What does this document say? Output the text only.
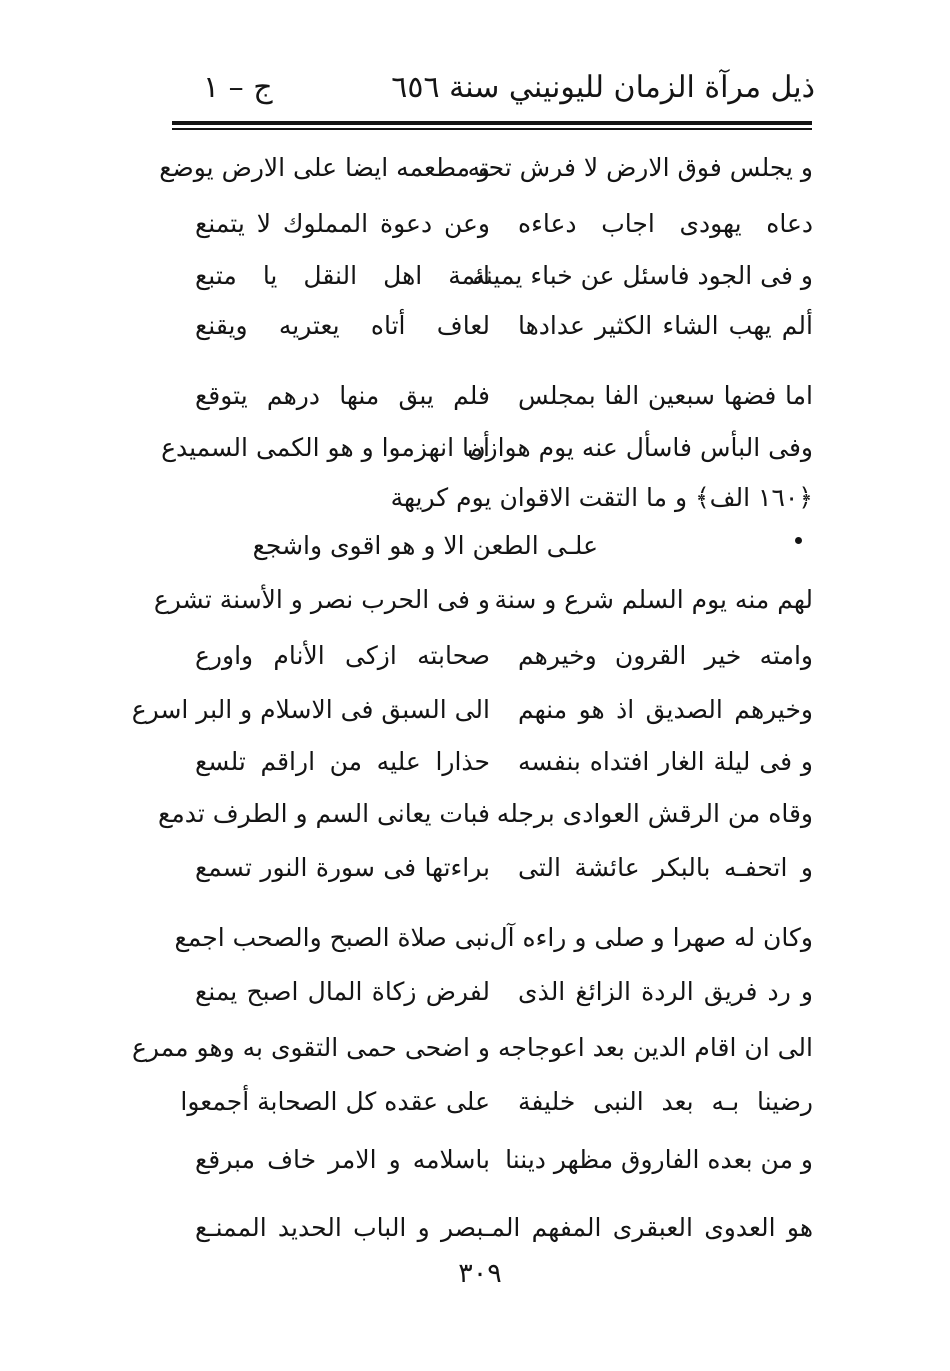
ذيل مرآة الزمان لليونيني سنة ٦٥٦
ج – ١
و يجلس فوق الارض لا فرش تحته
و مطعمه ايضا على الارض يوضع
دعاه يهودى اجاب دعاءه
وعن دعوة المملوك لا يتمنع
و فى الجود فاسئل عن خباء يمينه
ائمة اهل النقل يا متبع
ألم يهب الشاء الكثير عدادها
لعاف أتاه يعتريه ويقنع
اما فضها سبعين الفا بمجلس
فلم يبق منها درهم يتوقع
وفى البأس فاسأل عنه يوم هوازن
أما انهزموا و هو الكمى السميدع
﴿١٦٠ الف﴾ و ما التقت الاقوان يوم كريهة
علـى الطعن الا و هو اقوى واشجع
لهم منه يوم السلم شرع و سنة
و فى الحرب نصر و الأسنة تشرع
وامته خير القرون وخيرهم
صحابته ازكى الأنام واورع
وخيرهم الصديق اذ هو منهم
الى السبق فى الاسلام و البر اسرع
و فى ليلة الغار افتداه بنفسه
حذارا عليه من اراقم تلسع
وقاه من الرقش العوادى برجله
فبات يعانى السم و الطرف تدمع
و اتحفـه بالبكر عائشة التى
براءتها فى سورة النور تسمع
وكان له صهرا و صلى و راءه آل
نبى صلاة الصبح والصحب اجمع
و رد فريق الردة الزائغ الذى
لفرض زكاة المال اصبح يمنع
الى ان اقام الدين بعد اعوجاجه
و اضحى حمى التقوى به وهو ممرع
رضينا بـه بعد النبى خليفة
على عقده كل الصحابة أجمعوا
و من بعده الفاروق مظهر ديننا
باسلامه و الامر خاف مبرقع
هو العدوى العبقرى المفهم المـبصر و الباب الحديد الممنـع
٣٠٩
